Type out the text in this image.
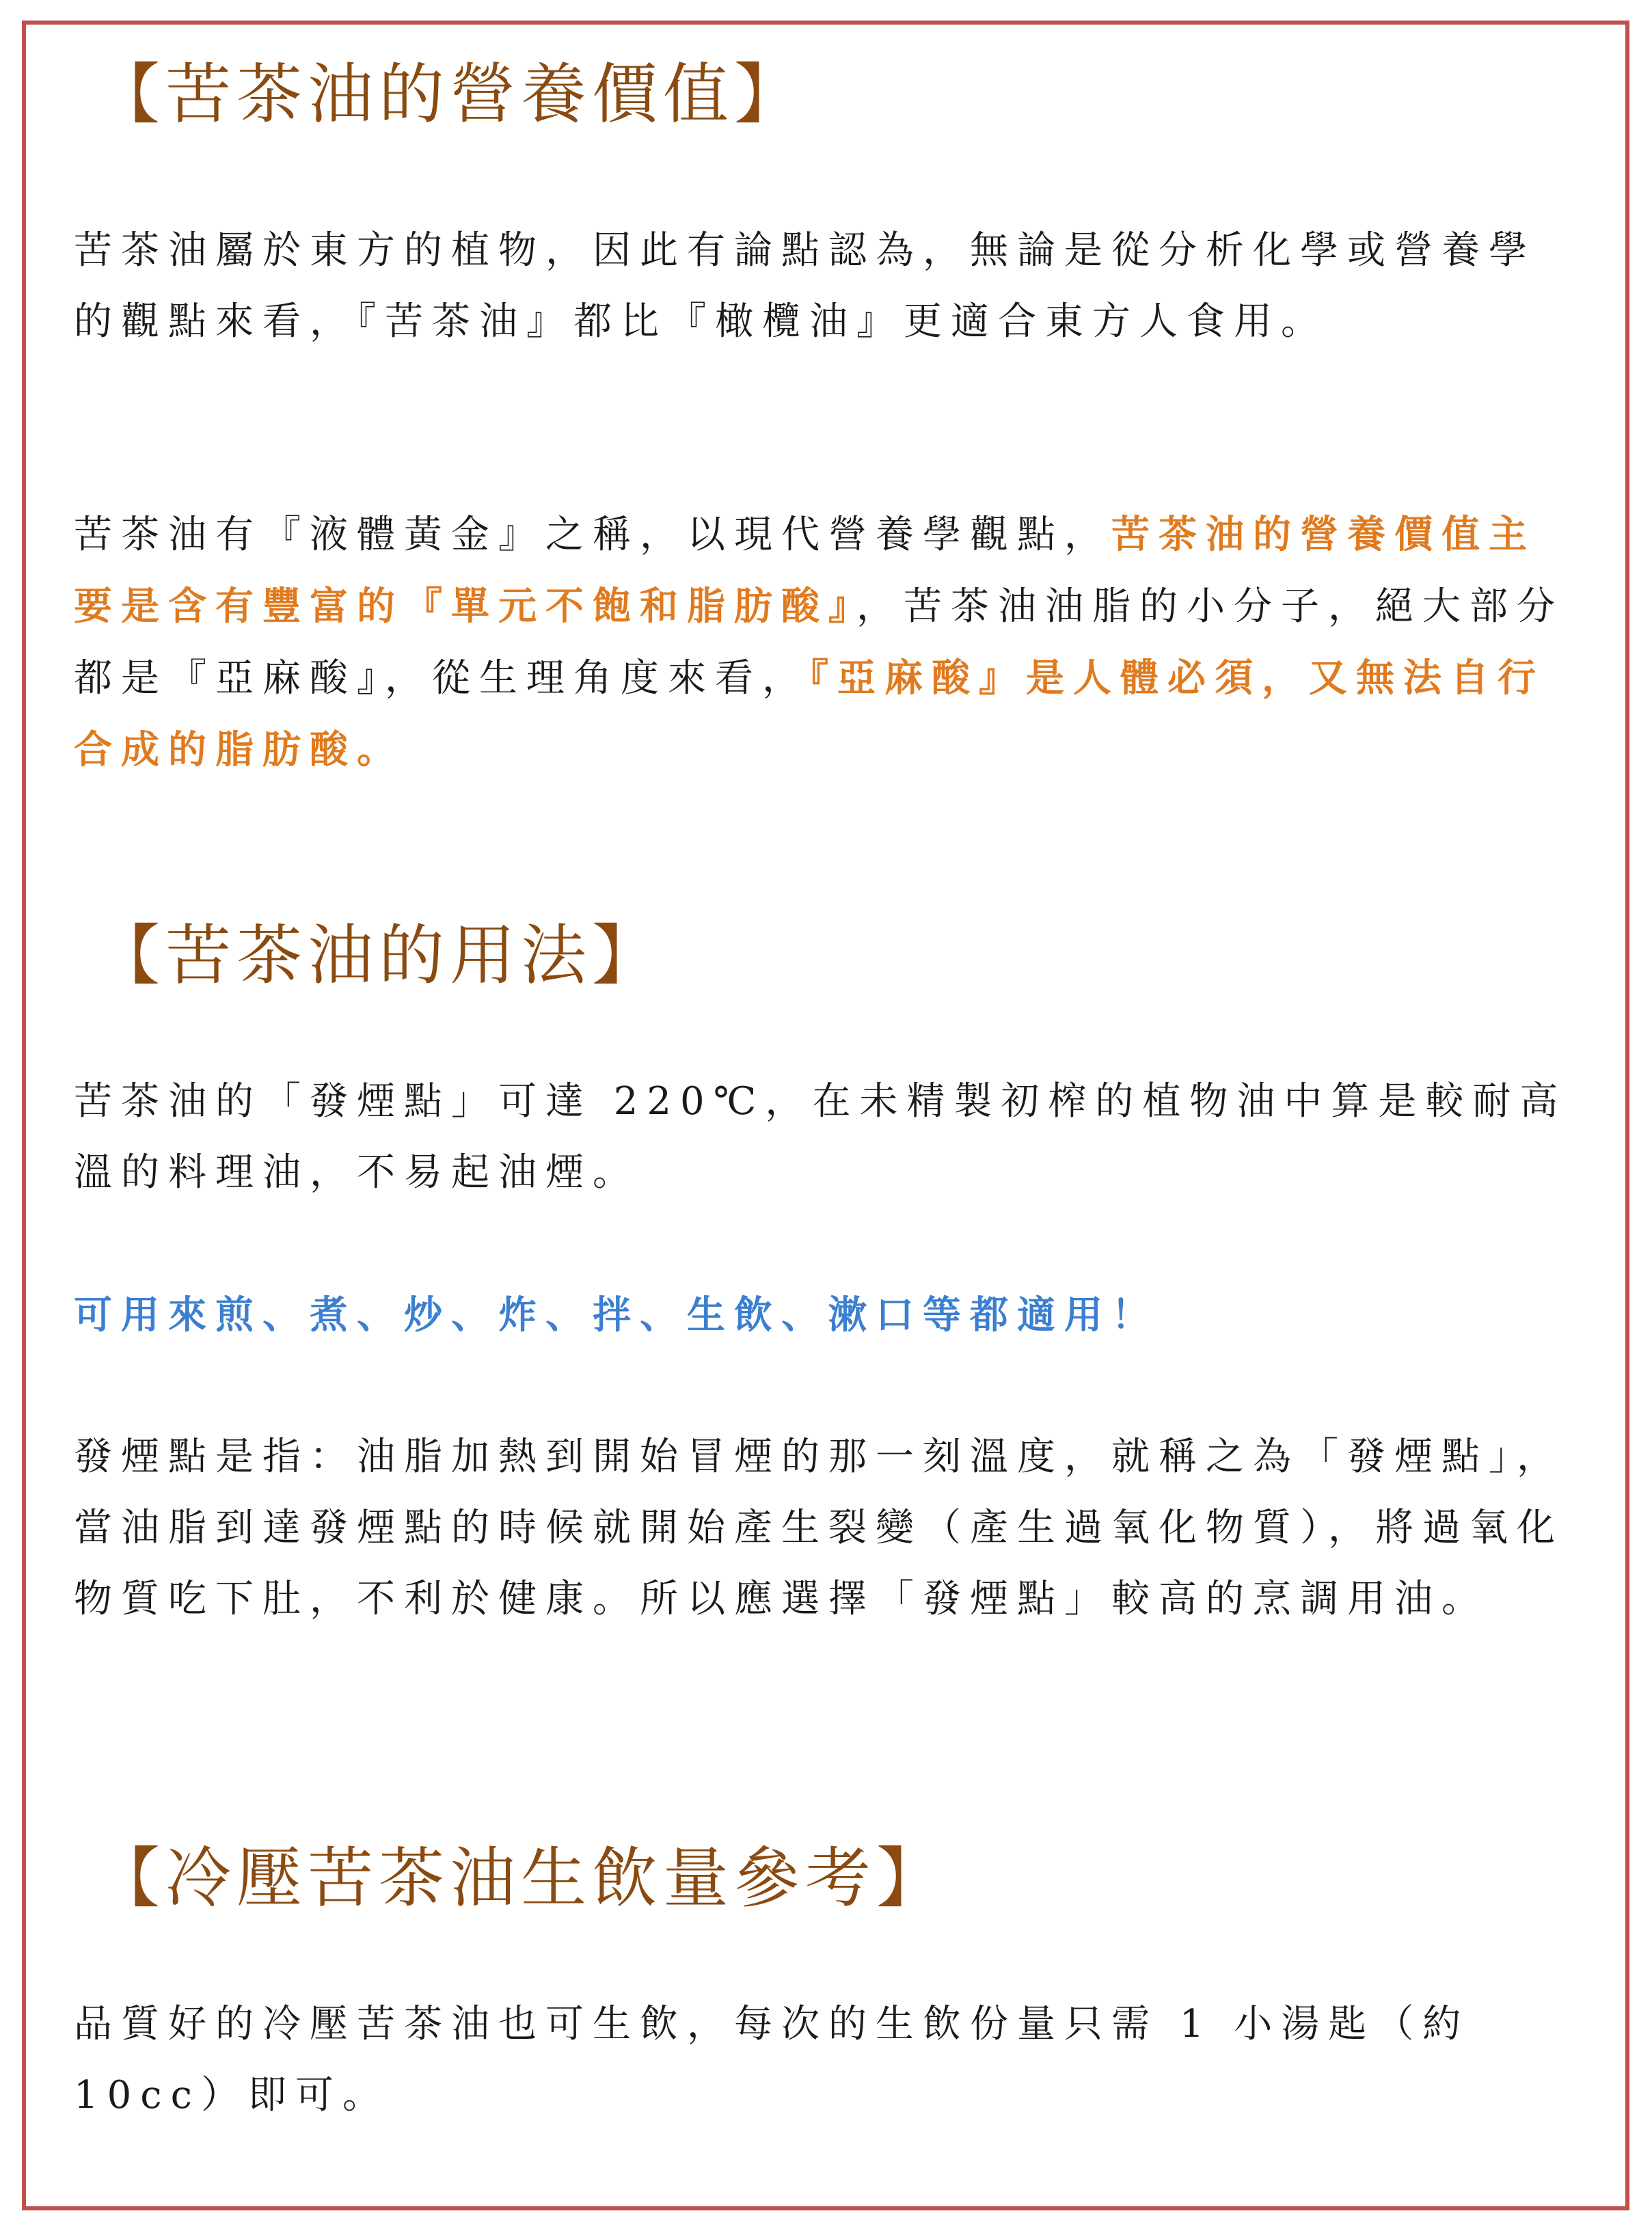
【苦茶油的營養價值】

苦茶油屬於東方的植物，因此有論點認為，無論是從分析化學或營養學的觀點來看，『苦茶油』都比『橄欖油』更適合東方人食用。

苦茶油有『液體黃金』之稱，以現代營養學觀點，苦茶油的營養價值主要是含有豐富的『單元不飽和脂肪酸』，苦茶油油脂的小分子，絕大部分都是『亞麻酸』，從生理角度來看，『亞麻酸』是人體必須，又無法自行合成的脂肪酸。

【苦茶油的用法】

苦茶油的「發煙點」可達 220℃，在未精製初榨的植物油中算是較耐高溫的料理油，不易起油煙。

可用來煎、煮、炒、炸、拌、生飲、漱口等都適用！

發煙點是指：油脂加熱到開始冒煙的那一刻溫度，就稱之為「發煙點」，當油脂到達發煙點的時候就開始產生裂變（產生過氧化物質），將過氧化物質吃下肚，不利於健康。所以應選擇「發煙點」較高的烹調用油。

【冷壓苦茶油生飲量參考】

品質好的冷壓苦茶油也可生飲，每次的生飲份量只需 1 小湯匙（約 10cc）即可。
